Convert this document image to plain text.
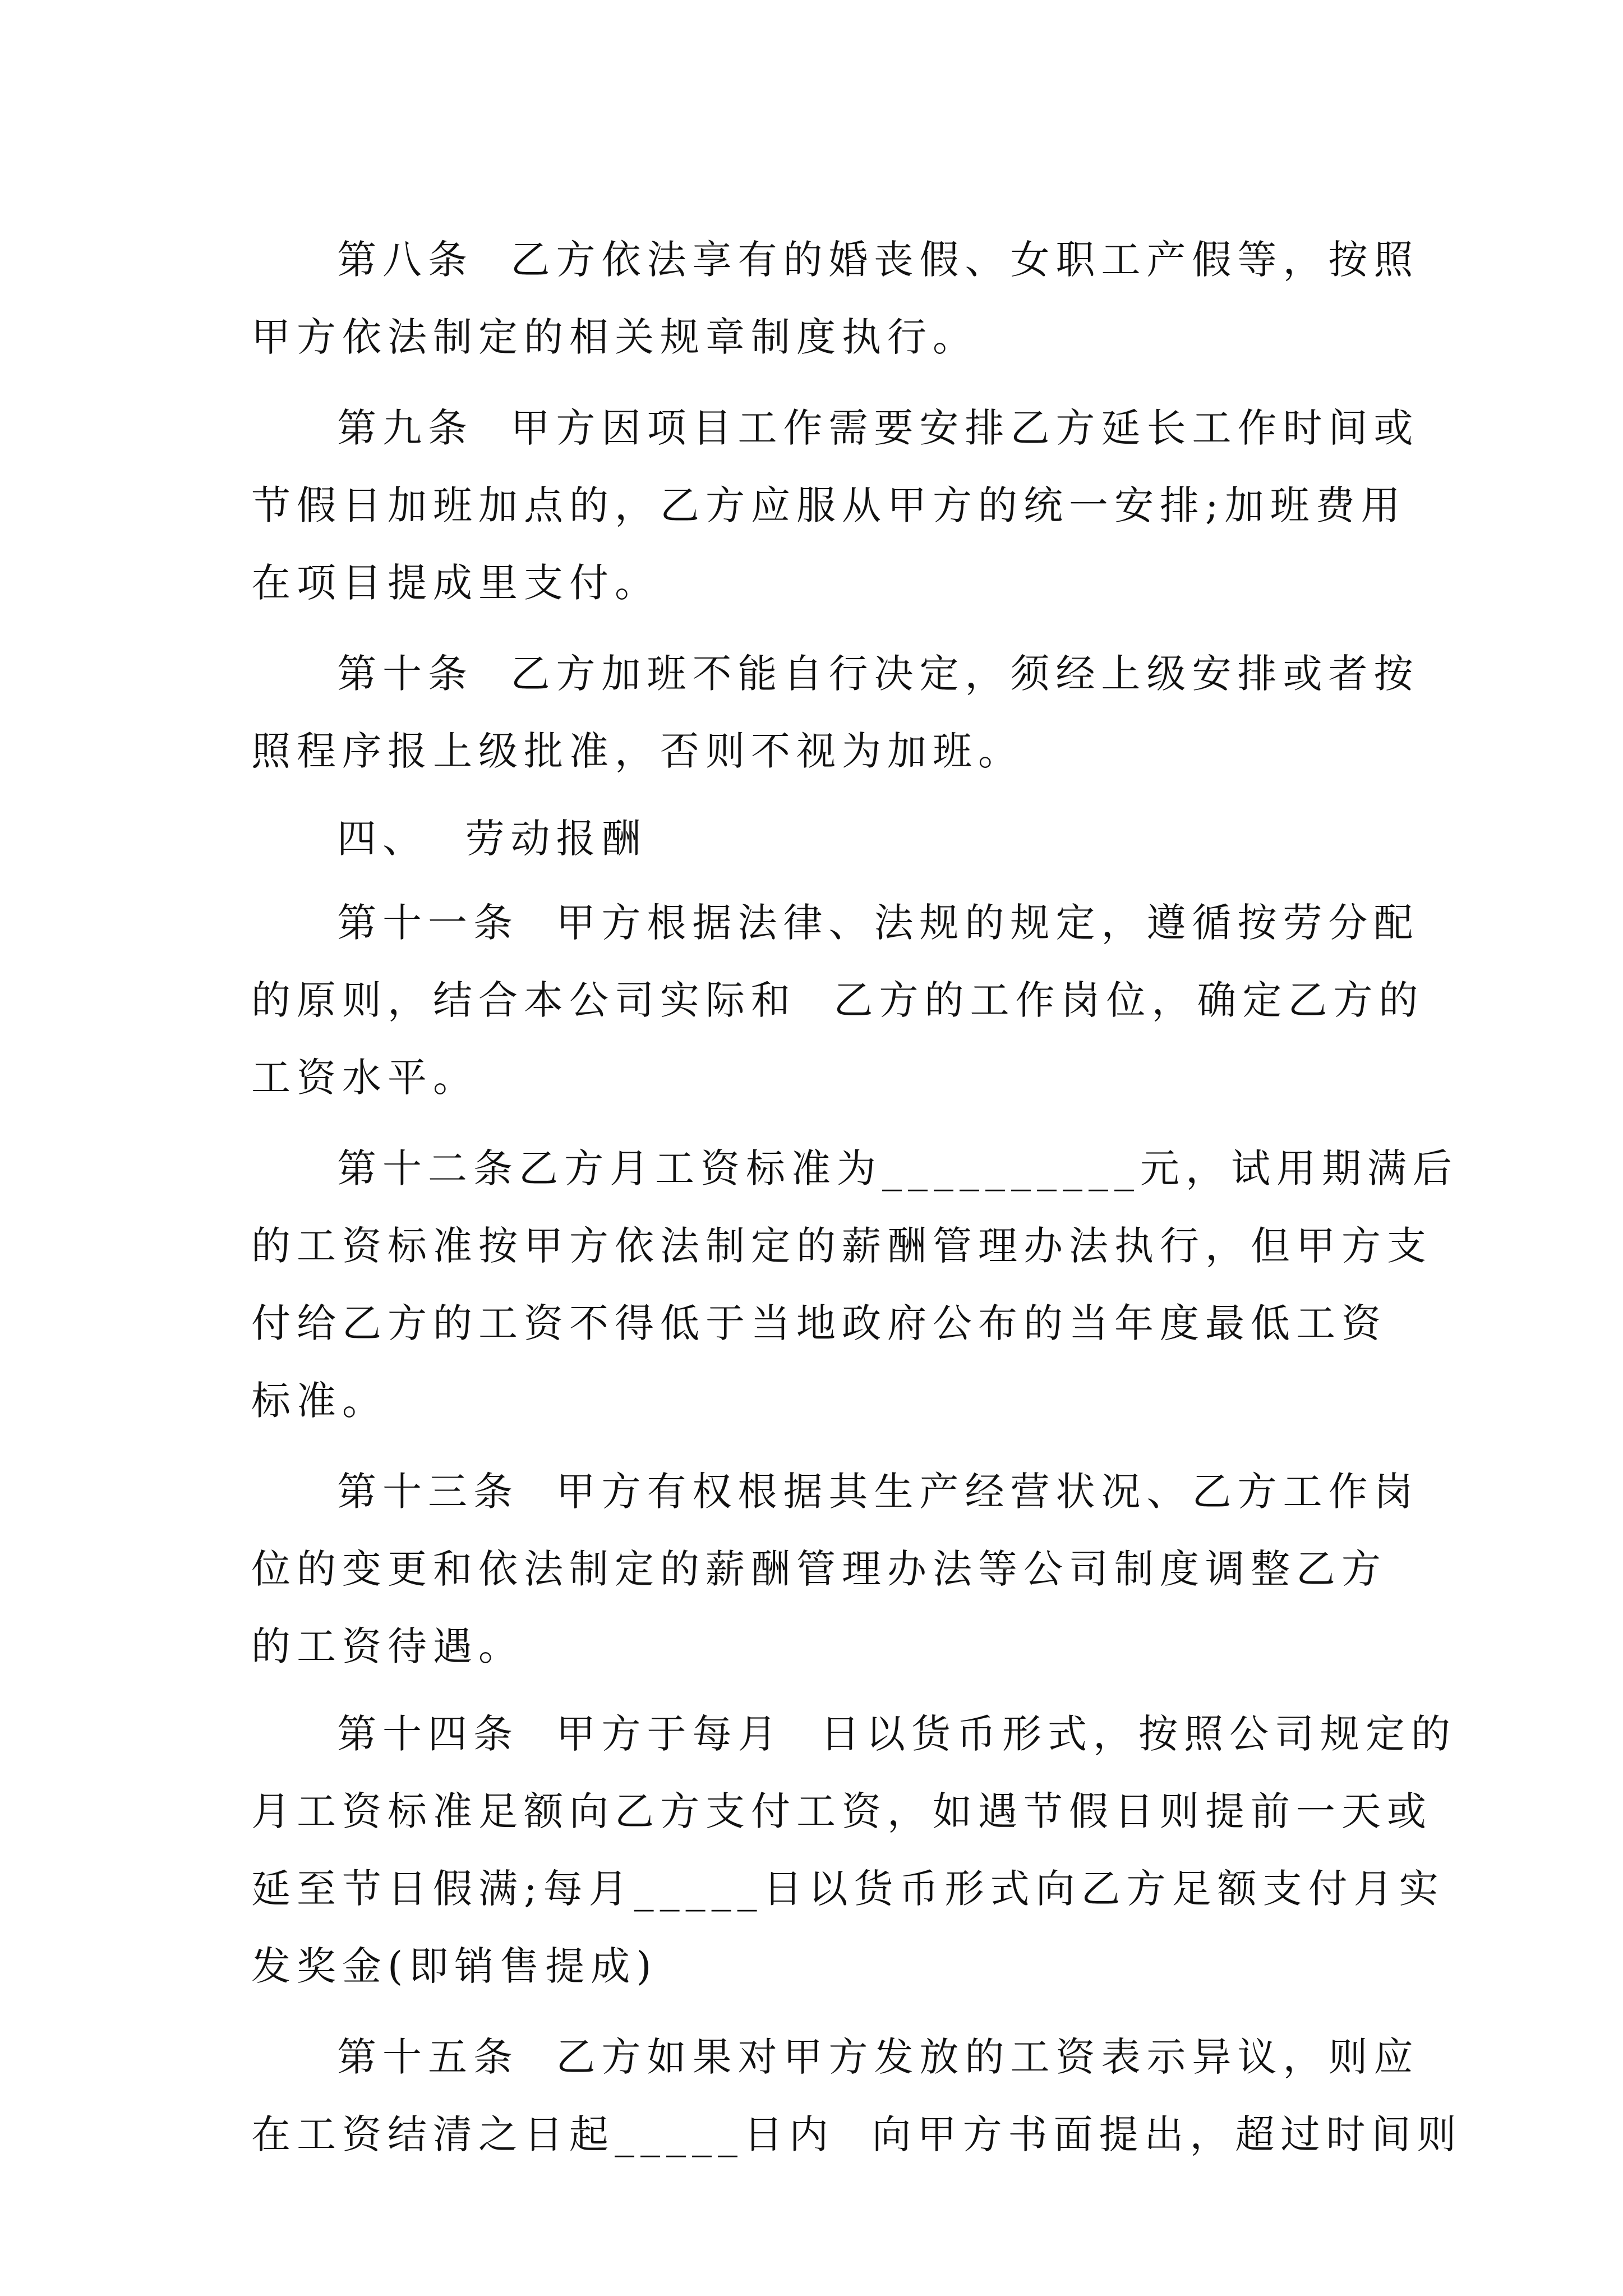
第八条  乙方依法享有的婚丧假、女职工产假等，按照
甲方依法制定的相关规章制度执行。
第九条  甲方因项目工作需要安排乙方延长工作时间或
节假日加班加点的，乙方应服从甲方的统一安排;加班费用
在项目提成里支付。
第十条  乙方加班不能自行决定，须经上级安排或者按
照程序报上级批准，否则不视为加班。
四、  劳动报酬
第十一条  甲方根据法律、法规的规定，遵循按劳分配
的原则，结合本公司实际和  乙方的工作岗位，确定乙方的
工资水平。
第十二条乙方月工资标准为__________元，试用期满后
的工资标准按甲方依法制定的薪酬管理办法执行，但甲方支
付给乙方的工资不得低于当地政府公布的当年度最低工资
标准。
第十三条  甲方有权根据其生产经营状况、乙方工作岗
位的变更和依法制定的薪酬管理办法等公司制度调整乙方
的工资待遇。
第十四条  甲方于每月  日以货币形式，按照公司规定的
月工资标准足额向乙方支付工资，如遇节假日则提前一天或
延至节日假满;每月_____日以货币形式向乙方足额支付月实
发奖金(即销售提成)
第十五条  乙方如果对甲方发放的工资表示异议，则应
在工资结清之日起_____日内  向甲方书面提出，超过时间则
